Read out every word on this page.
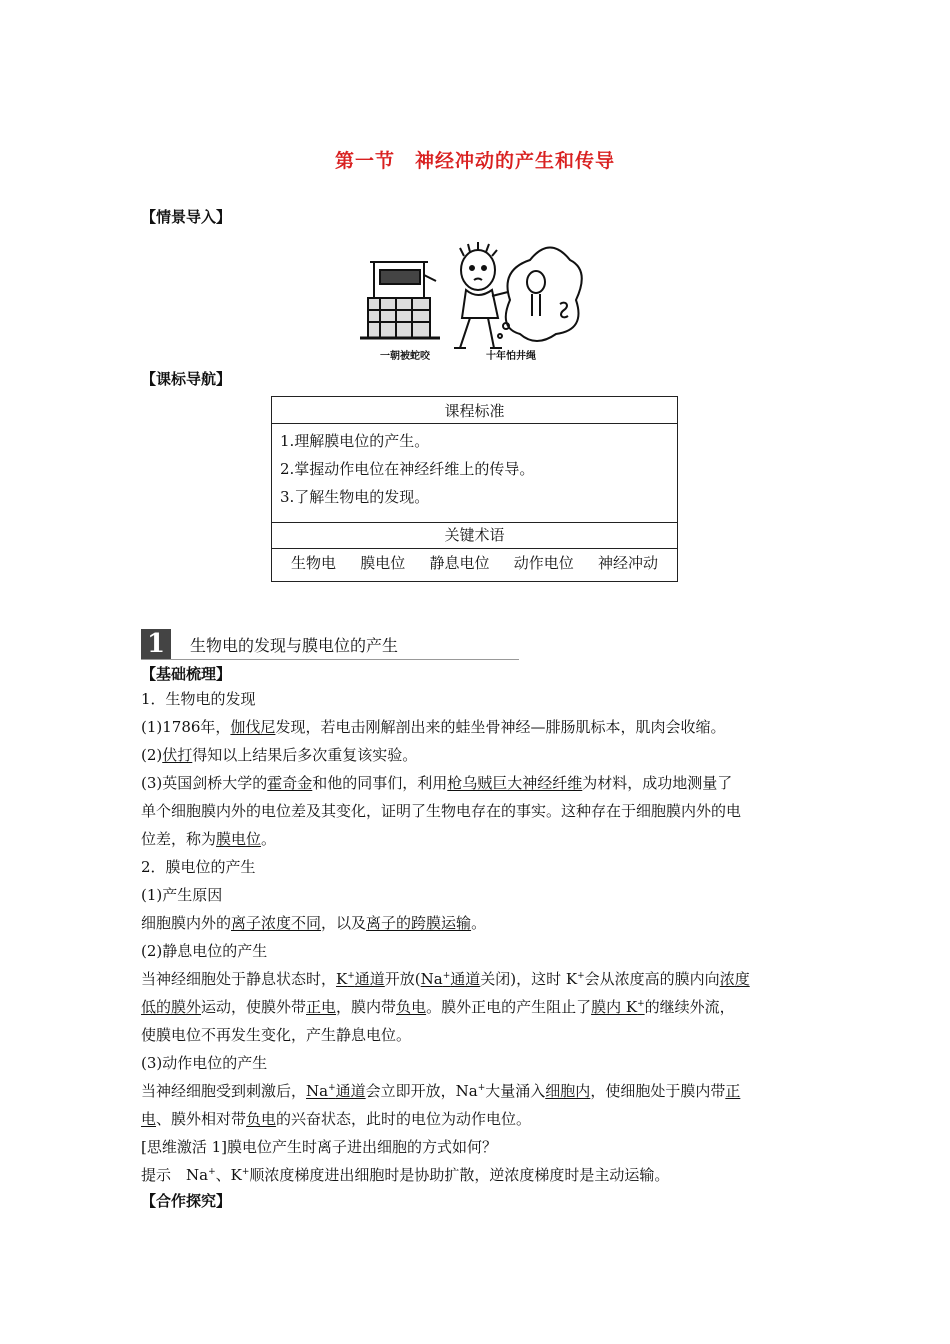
第一节　神经冲动的产生和传导
【情景导入】
一朝被蛇咬	十年怕井绳
【课标导航】
课程标准
1.理解膜电位的产生。
2.掌握动作电位在神经纤维上的传导。
3.了解生物电的发现。
关键术语
生物电 膜电位 静息电位 动作电位 神经冲动
1	生物电的发现与膜电位的产生
【基础梳理】
1．生物电的发现
(1)1786年，伽伐尼发现，若电击刚解剖出来的蛙坐骨神经—腓肠肌标本，肌肉会收缩。
(2)伏打得知以上结果后多次重复该实验。
(3)英国剑桥大学的霍奇金和他的同事们，利用枪乌贼巨大神经纤维为材料，成功地测量了
单个细胞膜内外的电位差及其变化，证明了生物电存在的事实。这种存在于细胞膜内外的电
位差，称为膜电位。
2．膜电位的产生
(1)产生原因
细胞膜内外的离子浓度不同，以及离子的跨膜运输。
(2)静息电位的产生
当神经细胞处于静息状态时，K+通道开放(Na+通道关闭)，这时 K+会从浓度高的膜内向浓度
低的膜外运动，使膜外带正电，膜内带负电。膜外正电的产生阻止了膜内 K+的继续外流，
使膜电位不再发生变化，产生静息电位。
(3)动作电位的产生
当神经细胞受到刺激后，Na+通道会立即开放，Na+大量涌入细胞内，使细胞处于膜内带正
电、膜外相对带负电的兴奋状态，此时的电位为动作电位。
[思维激活 1]膜电位产生时离子进出细胞的方式如何？
提示　Na+、K+顺浓度梯度进出细胞时是协助扩散，逆浓度梯度时是主动运输。
【合作探究】
